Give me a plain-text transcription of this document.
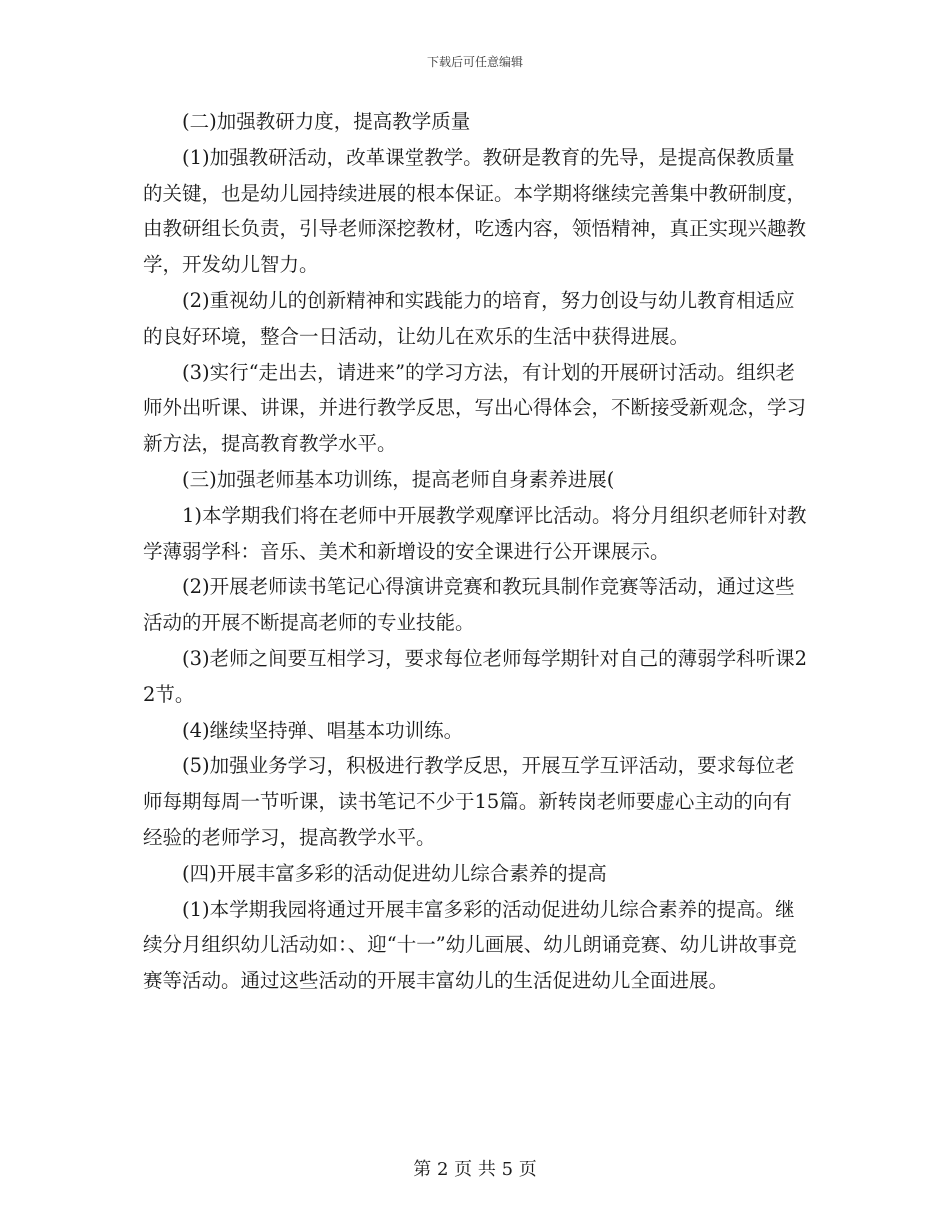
下载后可任意编辑

(二)加强教研力度，提高教学质量

(1)加强教研活动，改革课堂教学。教研是教育的先导，是提高保教质量的关键，也是幼儿园持续进展的根本保证。本学期将继续完善集中教研制度，由教研组长负责，引导老师深挖教材，吃透内容，领悟精神，真正实现兴趣教学，开发幼儿智力。

(2)重视幼儿的创新精神和实践能力的培育，努力创设与幼儿教育相适应的良好环境，整合一日活动，让幼儿在欢乐的生活中获得进展。

(3)实行“走出去，请进来”的学习方法，有计划的开展研讨活动。组织老师外出听课、讲课，并进行教学反思，写出心得体会，不断接受新观念，学习新方法，提高教育教学水平。

(三)加强老师基本功训练，提高老师自身素养进展(

1)本学期我们将在老师中开展教学观摩评比活动。将分月组织老师针对教学薄弱学科：音乐、美术和新增设的安全课进行公开课展示。

(2)开展老师读书笔记心得演讲竞赛和教玩具制作竞赛等活动，通过这些活动的开展不断提高老师的专业技能。

(3)老师之间要互相学习，要求每位老师每学期针对自己的薄弱学科听课22节。

(4)继续坚持弹、唱基本功训练。

(5)加强业务学习，积极进行教学反思，开展互学互评活动，要求每位老师每期每周一节听课，读书笔记不少于15篇。新转岗老师要虚心主动的向有经验的老师学习，提高教学水平。

(四)开展丰富多彩的活动促进幼儿综合素养的提高

(1)本学期我园将通过开展丰富多彩的活动促进幼儿综合素养的提高。继续分月组织幼儿活动如：、迎“十一”幼儿画展、幼儿朗诵竞赛、幼儿讲故事竞赛等活动。通过这些活动的开展丰富幼儿的生活促进幼儿全面进展。

第 2 页 共 5 页
